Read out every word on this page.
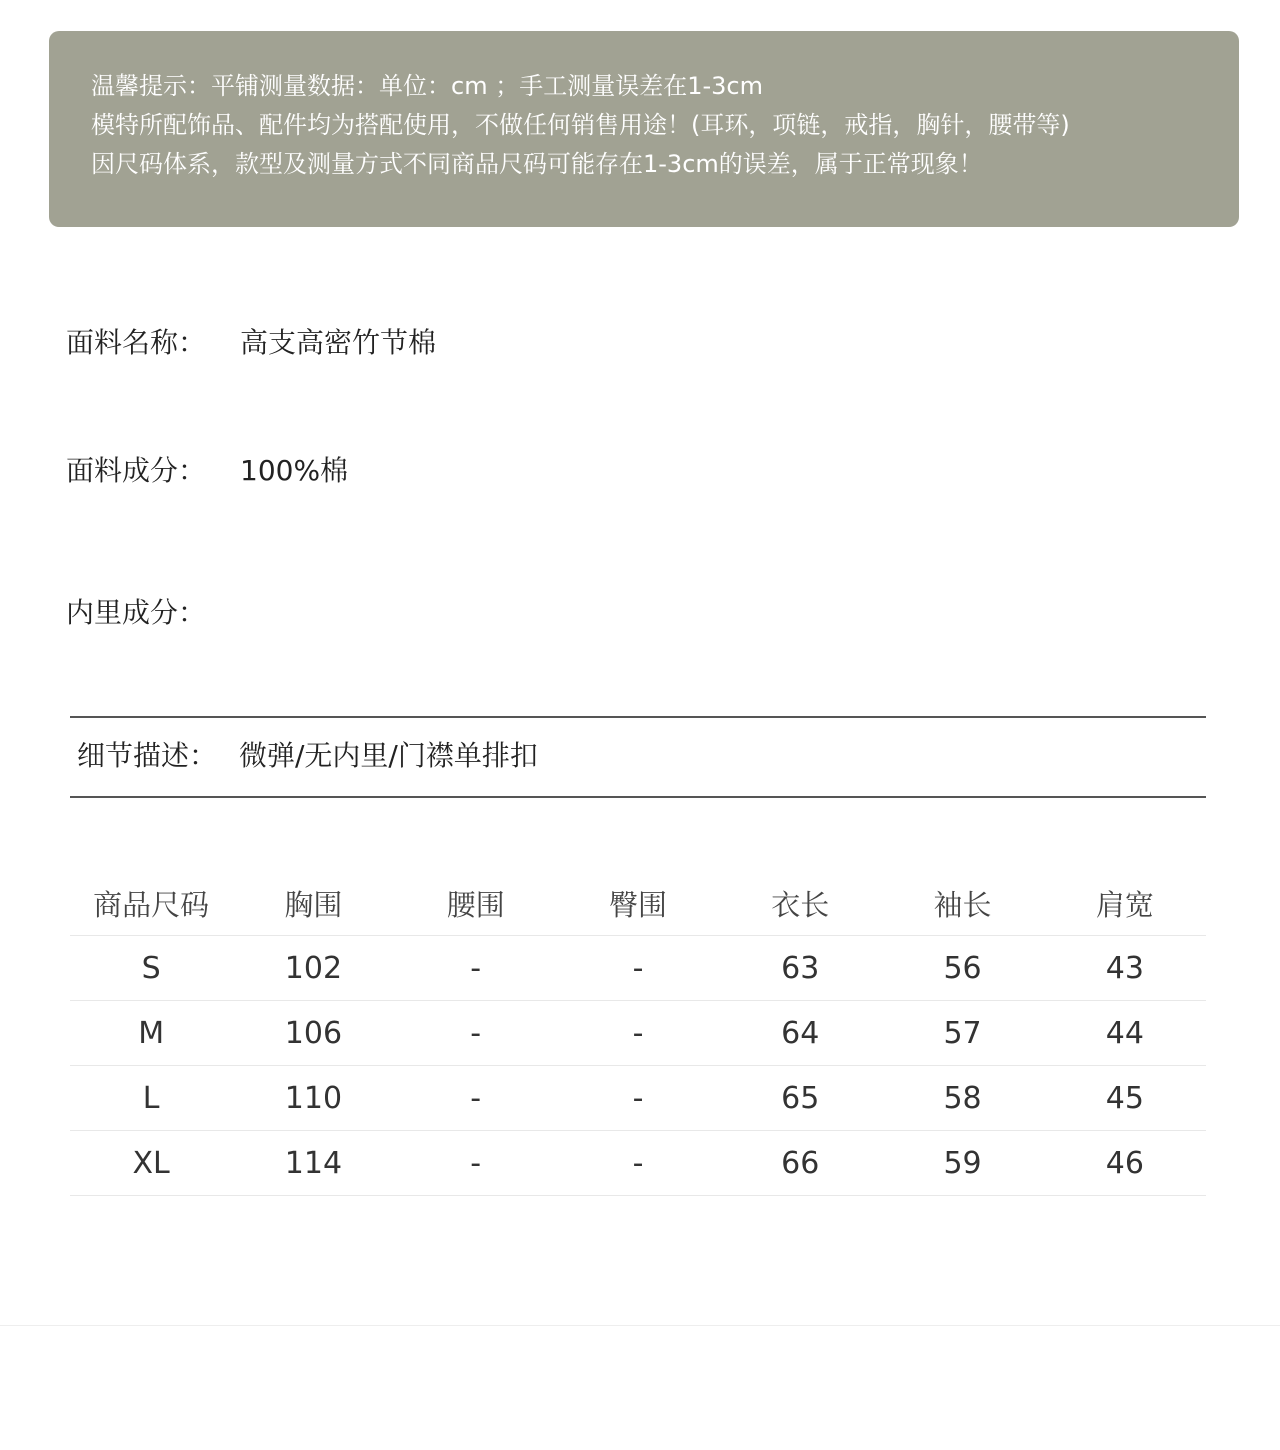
温馨提示：平铺测量数据：单位：cm ；手工测量误差在1-3cm
模特所配饰品、配件均为搭配使用，不做任何销售用途！(耳环，项链，戒指，胸针，腰带等)
因尺码体系，款型及测量方式不同商品尺码可能存在1-3cm的误差，属于正常现象！
面料名称： 高支高密竹节棉
面料成分： 100%棉
内里成分：
细节描述： 微弹/无内里/门襟单排扣
商品尺码	胸围	腰围	臀围	衣长	袖长	肩宽
S	102	-	-	63	56	43
M	106	-	-	64	57	44
L	110	-	-	65	58	45
XL	114	-	-	66	59	46
